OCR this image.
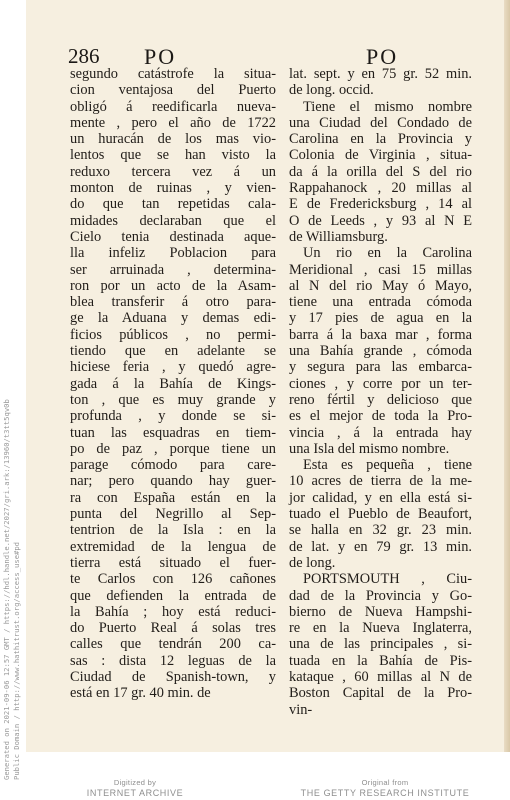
Generated on 2021-09-06 12:57 GMT / https://hdl.handle.net/2027/gri.ark:/13960/t3tt5qv0b Public Domain / http://www.hathitrust.org/access_use#pd
286 PO	PO
segundo catástrofe la situa-
cion ventajosa del Puerto
obligó á reedificarla nueva-
mente , pero el año de 1722
un huracán de los mas vio-
lentos que se han visto la
reduxo tercera vez á un
monton de ruinas , y vien-
do que tan repetidas cala-
midades declaraban que el
Cielo tenia destinada aque-
lla infeliz Poblacion para
ser arruinada , determina-
ron por un acto de la Asam-
blea transferir á otro para-
ge la Aduana y demas edi-
ficios públicos , no permi-
tiendo que en adelante se
hiciese feria , y quedó agre-
gada á la Bahía de Kings-
ton , que es muy grande y
profunda , y donde se si-
tuan las esquadras en tiem-
po de paz , porque tiene un
parage cómodo para care-
nar; pero quando hay guer-
ra con España están en la
punta del Negrillo al Sep-
tentrion de la Isla : en la
extremidad de la lengua de
tierra está situado el fuer-
te Carlos con 126 cañones
que defienden la entrada de
la Bahía ; hoy está reduci-
do Puerto Real á solas tres
calles que tendrán 200 ca-
sas : dista 12 leguas de la
Ciudad de Spanish-town, y
está en 17 gr. 40 min. de
lat. sept. y en 75 gr. 52 min.
de long. occid.
Tiene el mismo nombre
una Ciudad del Condado de
Carolina en la Provincia y
Colonia de Virginia , situa-
da á la orilla del S del rio
Rappahanock , 20 millas al
E de Fredericksburg , 14 al
O de Leeds , y 93 al N E
de Williamsburg.
Un rio en la Carolina
Meridional , casi 15 millas
al N del rio May ó Mayo,
tiene una entrada cómoda
y 17 pies de agua en la
barra á la baxa mar , forma
una Bahía grande , cómoda
y segura para las embarca-
ciones , y corre por un ter-
reno fértil y delicioso que
es el mejor de toda la Pro-
vincia , á la entrada hay
una Isla del mismo nombre.
Esta es pequeña , tiene
10 acres de tierra de la me-
jor calidad, y en ella está si-
tuado el Pueblo de Beaufort,
se halla en 32 gr. 23 min.
de lat. y en 79 gr. 13 min.
de long.
PORTSMOUTH , Ciu-
dad de la Provincia y Go-
bierno de Nueva Hampshi-
re en la Nueva Inglaterra,
una de las principales , si-
tuada en la Bahía de Pis-
kataque , 60 millas al N de
Boston Capital de la Pro-
vin-
Digitized by
INTERNET ARCHIVE
Original from
THE GETTY RESEARCH INSTITUTE
